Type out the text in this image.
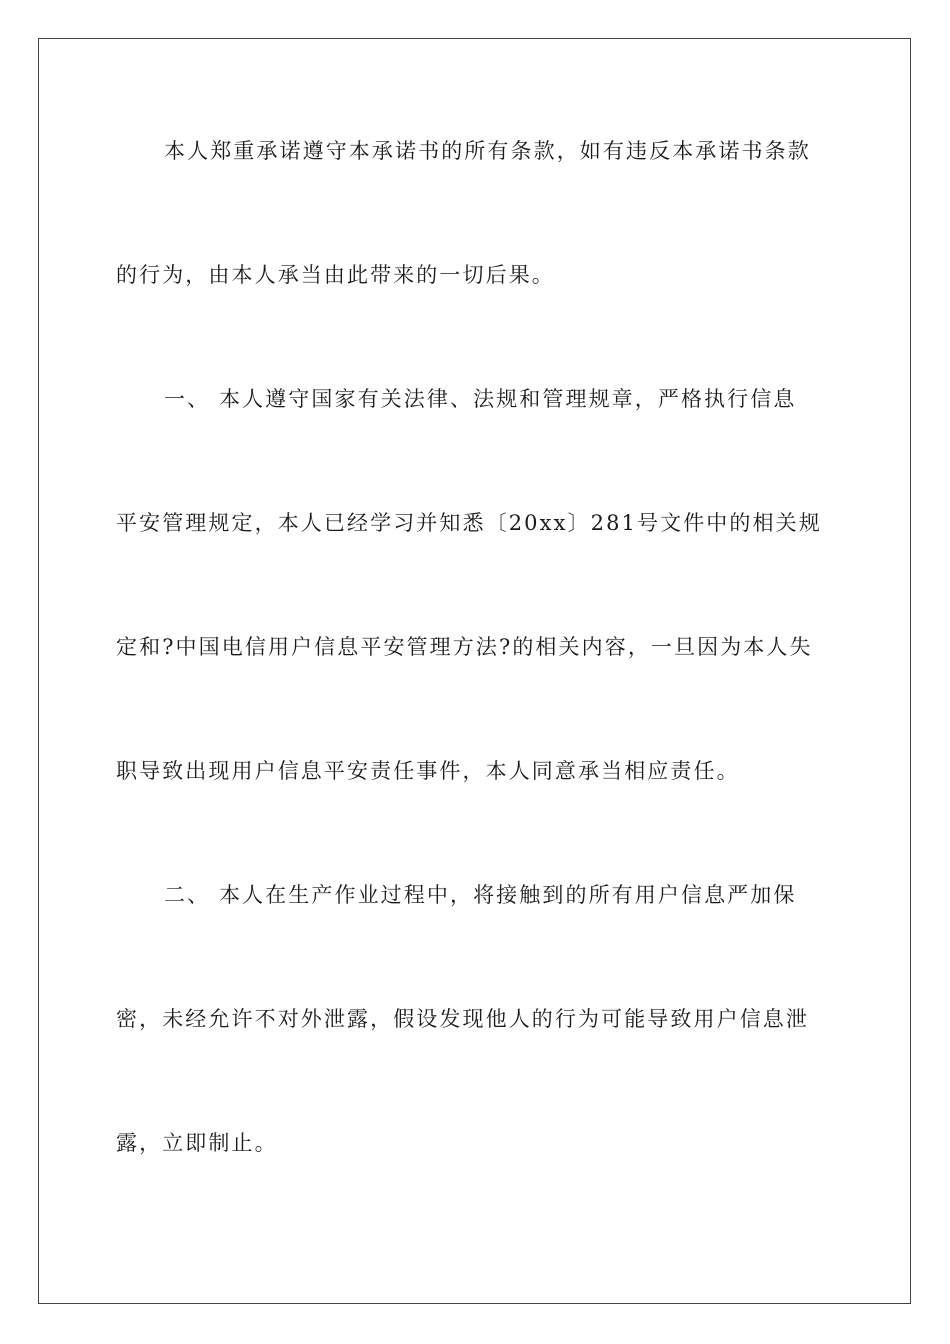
本人郑重承诺遵守本承诺书的所有条款，如有违反本承诺书条款
的行为，由本人承当由此带来的一切后果。
一、 本人遵守国家有关法律、法规和管理规章，严格执行信息
平安管理规定，本人已经学习并知悉〔20xx〕281号文件中的相关规
定和?中国电信用户信息平安管理方法?的相关内容，一旦因为本人失
职导致出现用户信息平安责任事件，本人同意承当相应责任。
二、 本人在生产作业过程中，将接触到的所有用户信息严加保
密，未经允许不对外泄露，假设发现他人的行为可能导致用户信息泄
露，立即制止。
